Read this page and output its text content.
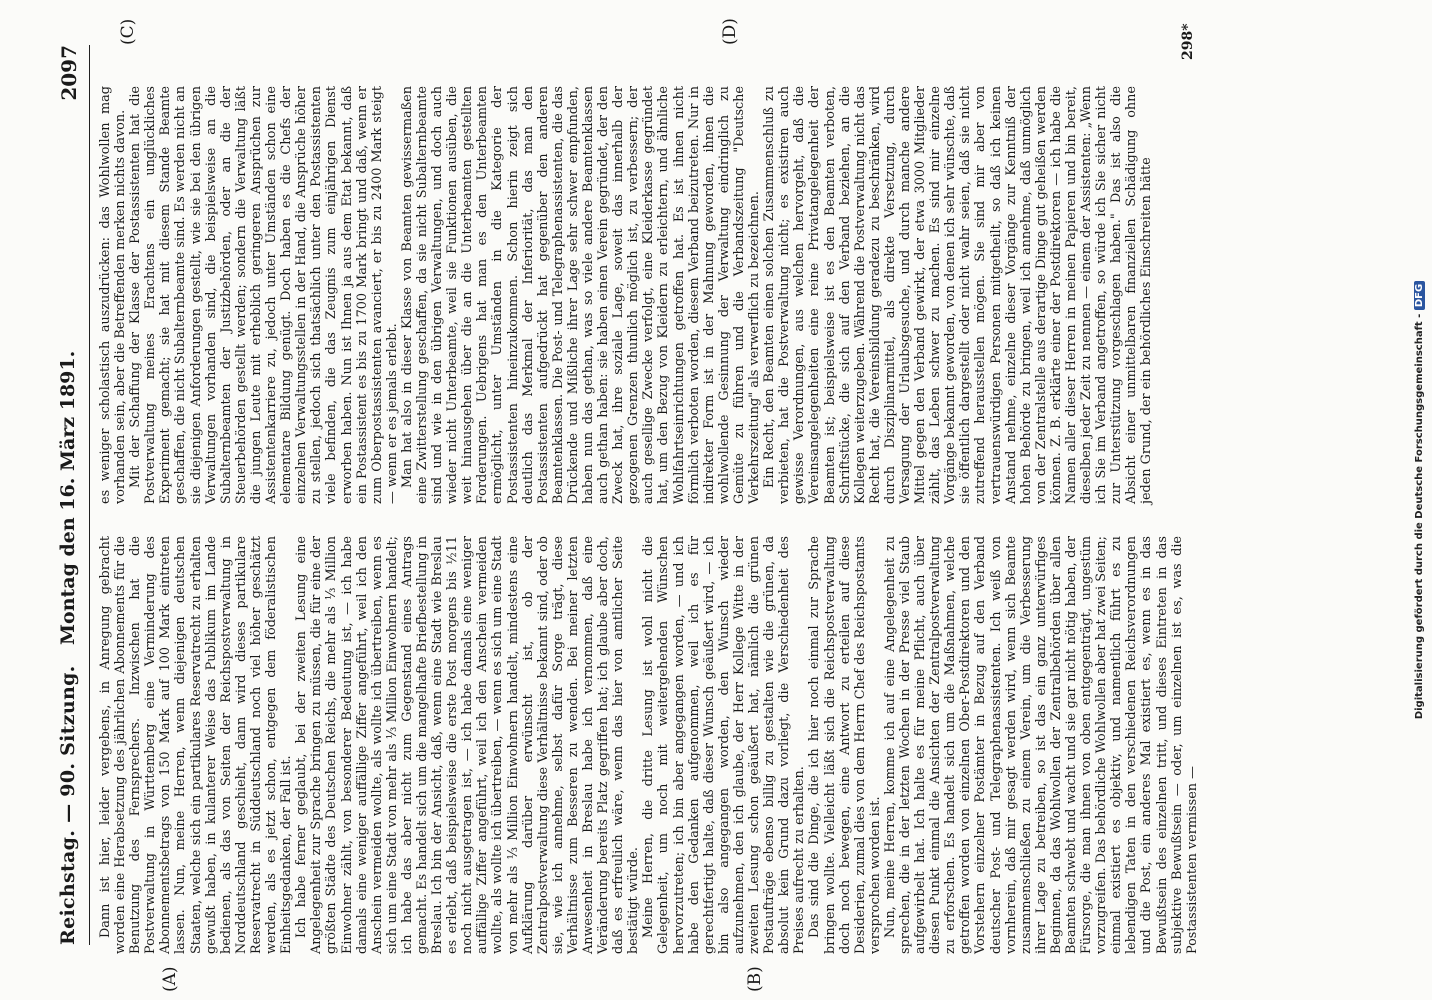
Reichstag. — 90. Sitzung.
Montag den 16. März 1891.
2097
(A)	(B)
(C)	(D)

Dann ist hier, leider vergebens, in Anregung gebracht worden eine Herabsetzung des jährlichen Abonnements für die Benutzung des Fernsprechers. Inzwischen hat die Postverwaltung in Württemberg eine Verminderung des Abonnementsbetrags von 150 Mark auf 100 Mark eintreten lassen. Nun, meine Herren, wenn diejenigen deutschen Staaten, welche sich ein partikulares Reservatrecht zu erhalten gewußt haben, in kulanterer Weise das Publikum im Lande bedienen, als das von Seiten der Reichspostverwaltung in Norddeutschland geschieht, dann wird dieses partikulare Reservatrecht in Süddeutschland noch viel höher geschätzt werden, als es jetzt schon, entgegen dem föderalistischen Einheitsgedanken, der Fall ist. Ich habe ferner geglaubt, bei der zweiten Lesung eine Angelegenheit zur Sprache bringen zu müssen, die für eine der größten Städte des Deutschen Reichs, die mehr als ⅓ Million Einwohner zählt, von besonderer Bedeutung ist, — ich habe damals eine weniger auffällige Ziffer angeführt, weil ich den Anschein vermeiden wollte, als wollte ich übertreiben, wenn es sich um eine Stadt von mehr als ⅓ Million Einwohnern handelt; ich habe das aber nicht zum Gegenstand eines Antrags gemacht. Es handelt sich um die mangelhafte Briefbestellung in Breslau. Ich bin der Ansicht, daß, wenn eine Stadt wie Breslau es erlebt, daß beispielsweise die erste Post morgens bis ½11 noch nicht ausgetragen ist, — ich habe damals eine weniger auffällige Ziffer angeführt, weil ich den Anschein vermeiden wollte, als wollte ich übertreiben, — wenn es sich um eine Stadt von mehr als ⅓ Million Einwohnern handelt, mindestens eine Aufklärung darüber erwünscht ist, ob der Zentralpostverwaltung diese Verhältnisse bekannt sind, oder ob sie, wie ich annehme, selbst dafür Sorge trägt, diese Verhältnisse zum Besseren zu wenden. Bei meiner letzten Anwesenheit in Breslau habe ich vernommen, daß eine Veränderung bereits Platz gegriffen hat; ich glaube aber doch, daß es erfreulich wäre, wenn das hier von amtlicher Seite bestätigt würde. Meine Herren, die dritte Lesung ist wohl nicht die Gelegenheit, um noch mit weitergehenden Wünschen hervorzutreten; ich bin aber angegangen worden, — und ich habe den Gedanken aufgenommen, weil ich es für gerechtfertigt halte, daß dieser Wunsch geäußert wird, — ich bin also angegangen worden, den Wunsch wieder aufzunehmen, den ich glaube, der Herr Kollege Witte in der zweiten Lesung schon geäußert hat, nämlich die grünen Postaufträge ebenso billig zu gestalten wie die grünen, da absolut kein Grund dazu vorliegt, die Verschiedenheit des Preises aufrecht zu erhalten. Das sind die Dinge, die ich hier noch einmal zur Sprache bringen wollte. Vielleicht läßt sich die Reichspostverwaltung doch noch bewegen, eine Antwort zu erteilen auf diese Desiderien, zumal dies von dem Herrn Chef des Reichspostamts versprochen worden ist. Nun, meine Herren, komme ich auf eine Angelegenheit zu sprechen, die in der letzten Wochen in der Presse viel Staub aufgewirbelt hat. Ich halte es für meine Pflicht, auch über diesen Punkt einmal die Ansichten der Zentralpostverwaltung zu erforschen. Es handelt sich um die Maßnahmen, welche getroffen worden von einzelnen Ober-Postdirektoren und den Vorstehern einzelner Postämter in Bezug auf den Verband deutscher Post- und Telegraphenassistenten. Ich weiß von vornherein, daß mir gesagt werden wird, wenn sich Beamte zusammenschließen zu einem Verein, um die Verbesserung ihrer Lage zu betreiben, so ist das ein ganz unterwürfiges Beginnen, da das Wohlwollen der Zentralbehörden über allen Beamten schwebt und wacht und sie gar nicht nötig haben, der Fürsorge, die man ihnen von oben entgegenträgt, ungestüm vorzugreifen. Das behördliche Wohlwollen aber hat zwei Seiten; einmal existiert es objektiv, und namentlich führt es zu lebendigen Taten in den verschiedenen Reichsverordnungen und die Post, ein anderes Mal existiert es, wenn es in das Bewußtsein des einzelnen tritt, und dieses Eintreten in das subjektive Bewußtsein — oder, um einzelnen ist es, was die Postassistenten vermissen —

es weniger scholastisch auszudrücken: das Wohlwollen mag vorhanden sein, aber die Betreffenden merken nichts davon. Mit der Schaffung der Klasse der Postassistenten hat die Postverwaltung meines Erachtens ein unglückliches Experiment gemacht; sie hat mit diesem Stande Beamte geschaffen, die nicht Subalternbeamte sind. Es werden nicht an sie diejenigen Anforderungen gestellt, wie sie bei den übrigen Verwaltungen vorhanden sind, die beispielsweise an die Subalternbeamten der Justizbehörden, oder an die der Steuerbehörden gestellt werden; sondern die Verwaltung läßt die jungen Leute mit erheblich geringeren Ansprüchen zur Assistentenkarriere zu, jedoch unter Umständen schon eine elementare Bildung genügt. Doch haben es die Chefs der einzelnen Verwaltungsstellen in der Hand, die Ansprüche höher zu stellen, jedoch sich thatsächlich unter den Postassistenten viele befinden, die das Zeugnis zum einjährigen Dienst erworben haben. Nun ist Ihnen ja aus dem Etat bekannt, daß ein Postassistent es bis zu 1700 Mark bringt und daß, wenn er zum Oberpostassistenten avanciert, er bis zu 2400 Mark steigt — wenn er es jemals erlebt. Man hat also in dieser Klasse von Beamten gewissermaßen eine Zwitterstellung geschaffen, da sie nicht Subalternbeamte sind und wie in den übrigen Verwaltungen, und doch auch wieder nicht Unterbeamte, weil sie Funktionen ausüben, die weit hinausgehen über die an die Unterbeamten gestellten Forderungen. Uebrigens hat man es den Unterbeamten ermöglicht, unter Umständen in die Kategorie der Postassistenten hineinzukommen. Schon hierin zeigt sich deutlich das Merkmal der Inferiorität, das man den Postassistenten aufgedrückt hat gegenüber den anderen Beamtenklassen. Die Post- und Telegraphenassistenten, die das Drückende und Mißliche ihrer Lage sehr schwer empfunden, haben nun das gethan, was so viele andere Beamtenklassen auch gethan haben: sie haben einen Verein gegründet, der den Zweck hat, ihre soziale Lage, soweit das innerhalb der gezogenen Grenzen thunlich möglich ist, zu verbessern; der auch gesellige Zwecke verfolgt, eine Kleiderkasse gegründet hat, um den Bezug von Kleidern zu erleichtern, und ähnliche Wohlfahrtseinrichtungen getroffen hat. Es ist ihnen nicht förmlich verboten worden, diesem Verband beizutreten. Nur in indirekter Form ist in der Mahnung geworden, ihnen die wohlwollende Gesinnung der Verwaltung eindringlich zu Gemüte zu führen und die Verbandszeitung "Deutsche Verkehrszeitung" als verwerflich zu bezeichnen. Ein Recht, den Beamten einen solchen Zusammenschluß zu verbieten, hat die Postverwaltung nicht; es existiren auch gewisse Verordnungen, aus welchen hervorgeht, daß die Vereinsangelegenheiten eine reine Privatangelegenheit der Beamten ist; beispielsweise ist es den Beamten verboten, Schriftstücke, die sich auf den Verband beziehen, an die Kollegen weiterzugeben. Während die Postverwaltung nicht das Recht hat, die Vereinsbildung geradezu zu beschränken, wird durch Disziplinarmittel, als direkte Versetzung, durch Versagung der Urlaubsgesuche, und durch manche andere Mittel gegen den Verband gewirkt, der etwa 3000 Mitglieder zählt, das Leben schwer zu machen. Es sind mir einzelne Vorgänge bekannt geworden, von denen ich sehr wünschte, daß sie öffentlich dargestellt oder nicht wahr seien, daß sie nicht zutreffend herausstellen mögen. Sie sind mir aber von vertrauenswürdigen Personen mitgetheilt, so daß ich keinen Anstand nehme, einzelne dieser Vorgänge zur Kenntniß der hohen Behörde zu bringen, weil ich annehme, daß unmöglich von der Zentralstelle aus derartige Dinge gut geheißen werden können. Z. B. erklärte einer der Postdirektoren — ich habe die Namen aller dieser Herren in meinen Papieren und bin bereit, dieselben jeder Zeit zu nennen — einem der Assistenten: „Wenn ich Sie im Verband angetroffen, so würde ich Sie sicher nicht zur Unterstützung vorgeschlagen haben." Das ist also die Absicht einer unmittelbaren finanziellen Schädigung ohne jeden Grund, der ein behördliches Einschreiten hätte

298*
Digitalisierung gefördert durch die Deutsche Forschungsgemeinschaft - DFG
